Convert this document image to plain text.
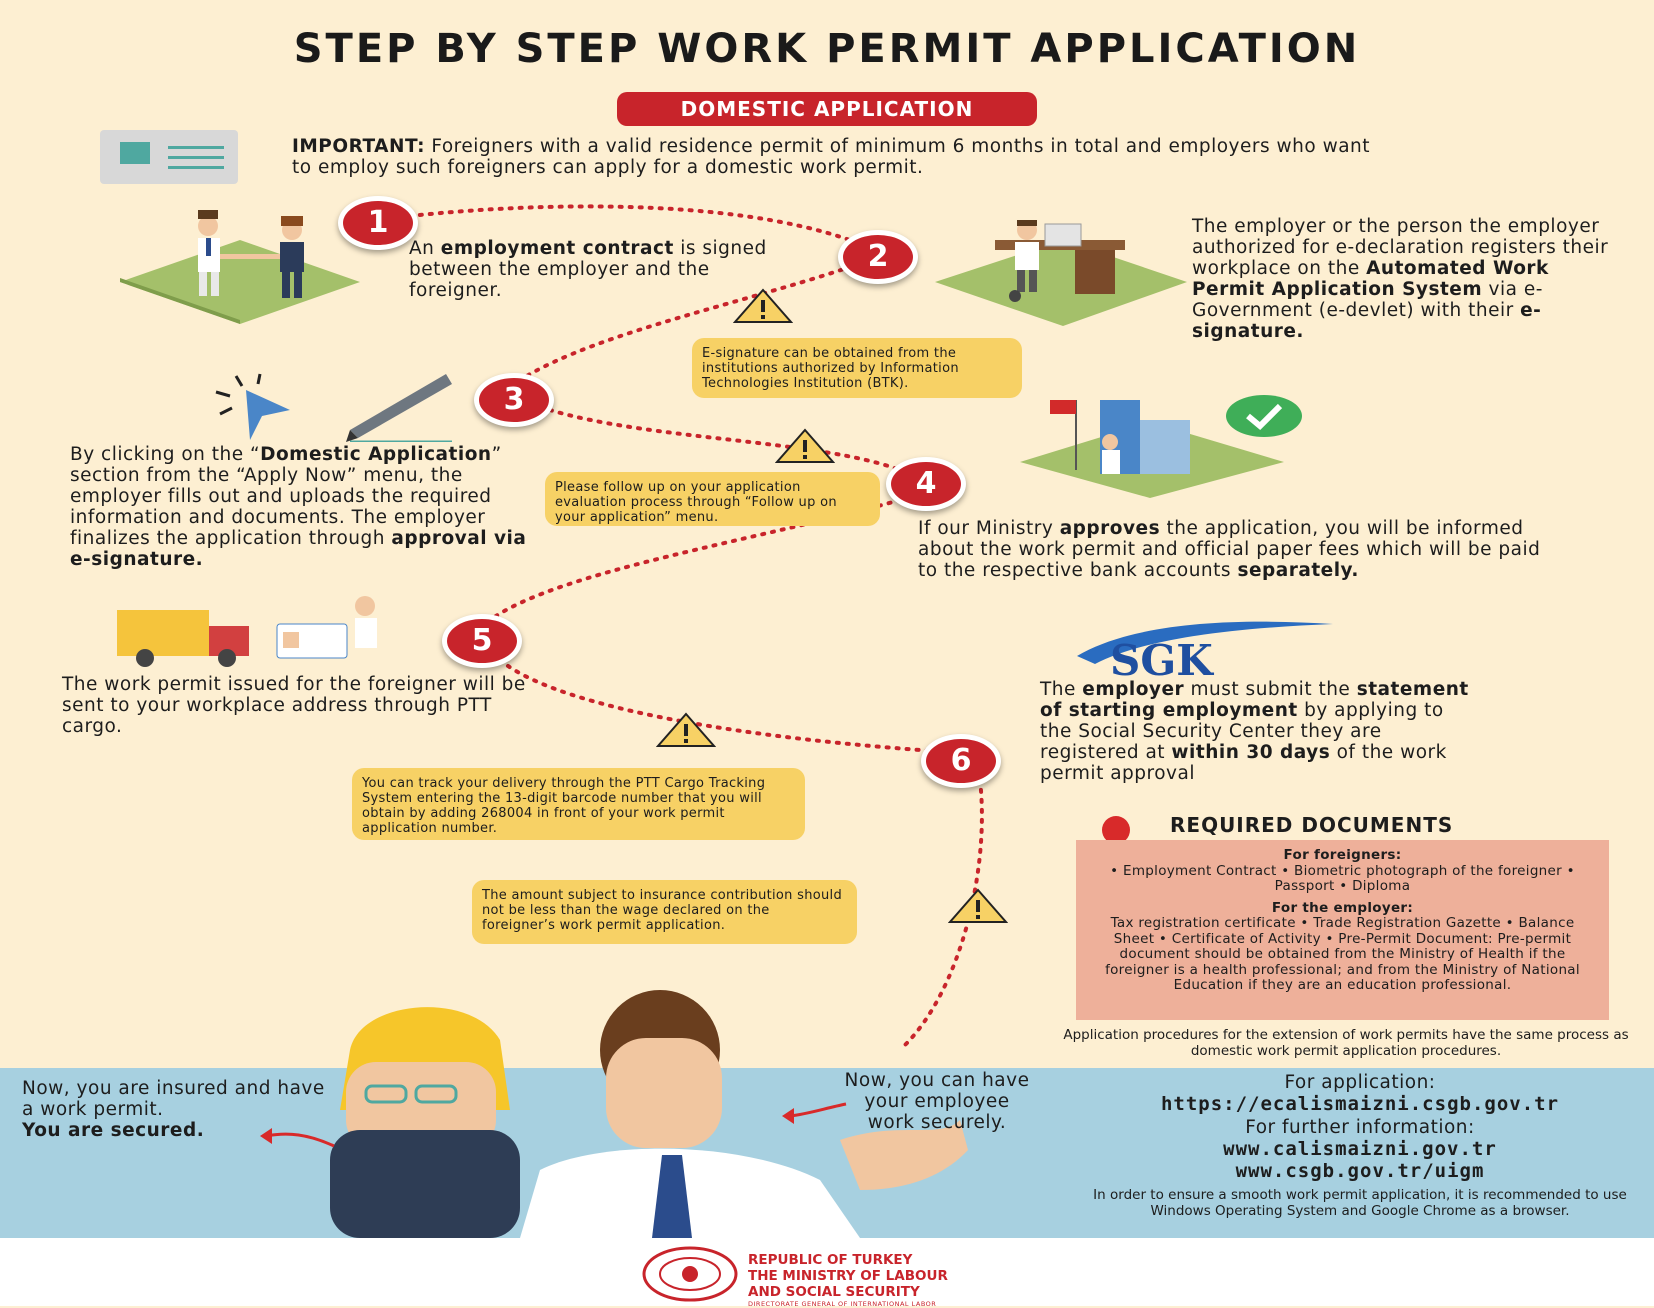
STEP BY STEP WORK PERMIT APPLICATION
DOMESTIC APPLICATION
IMPORTANT: Foreigners with a valid residence permit of minimum 6 months in total and employers who want to employ such foreigners can apply for a domestic work permit.
1
An employment contract is signed between the employer and the foreigner.
2
The employer or the person the employer authorized for e-declaration registers their workplace on the Automated Work Permit Application System via e-Government (e-devlet) with their e-signature.
E-signature can be obtained from the institutions authorized by Information Technologies Institution (BTK).
3
By clicking on the “Domestic Application” section from the “Apply Now” menu, the employer fills out and uploads the required information and documents. The employer finalizes the application through approval via e-signature.
Please follow up on your application evaluation process through “Follow up on your application” menu.
4
If our Ministry approves the application, you will be informed about the work permit and official paper fees which will be paid to the respective bank accounts separately.
5
The work permit issued for the foreigner will be sent to your workplace address through PTT cargo.
You can track your delivery through the PTT Cargo Tracking System entering the 13-digit barcode number that you will obtain by adding 268004 in front of your work permit application number.
SGK
6
The employer must submit the statement of starting employment by applying to the Social Security Center they are registered at within 30 days of the work permit approval
The amount subject to insurance contribution should not be less than the wage declared on the foreigner’s work permit application.
REQUIRED DOCUMENTS
For foreigners:
• Employment Contract • Biometric photograph of the foreigner • Passport • Diploma
For the employer:
Tax registration certificate • Trade Registration Gazette • Balance Sheet • Certificate of Activity • Pre-Permit Document: Pre-permit document should be obtained from the Ministry of Health if the foreigner is a health professional; and from the Ministry of National Education if they are an education professional.
Application procedures for the extension of work permits have the same process as domestic work permit application procedures.
Now, you are insured and have a work permit.
You are secured.
Now, you can have your employee work securely.
For application:
https://ecalismaizni.csgb.gov.tr
For further information:
www.calismaizni.gov.tr
www.csgb.gov.tr/uigm
In order to ensure a smooth work permit application, it is recommended to use Windows Operating System and Google Chrome as a browser.
REPUBLIC OF TURKEY
THE MINISTRY OF LABOUR
AND SOCIAL SECURITY
DIRECTORATE GENERAL OF INTERNATIONAL LABOR
